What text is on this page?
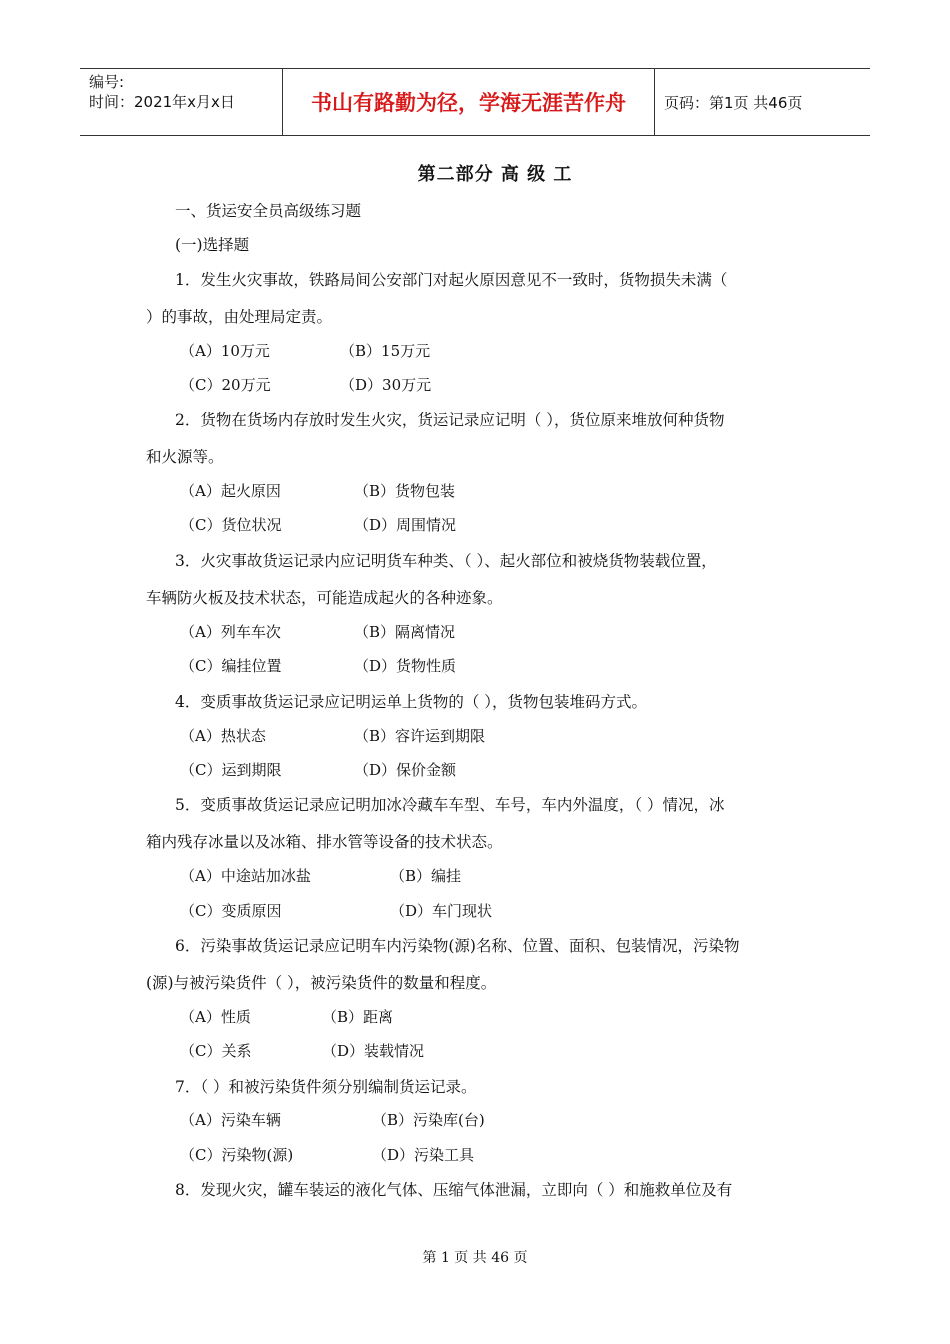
编号:
时间：2021年x月x日	书山有路勤为径，学海无涯苦作舟	页码：第1页 共46页
第二部分 高 级 工
一、货运安全员高级练习题
(一)选择题
1．发生火灾事故，铁路局间公安部门对起火原因意见不一致时，货物损失未满（
）的事故，由处理局定责。
（A）10万元	（B）15万元
（C）20万元	（D）30万元
2．货物在货场内存放时发生火灾，货运记录应记明（ ），货位原来堆放何种货物
和火源等。
（A）起火原因	（B）货物包装
（C）货位状况	（D）周围情况
3．火灾事故货运记录内应记明货车种类、（ ）、起火部位和被烧货物装载位置，
车辆防火板及技术状态，可能造成起火的各种迹象。
（A）列车车次	（B）隔离情况
（C）编挂位置	（D）货物性质
4．变质事故货运记录应记明运单上货物的（ ），货物包装堆码方式。
（A）热状态	（B）容许运到期限
（C）运到期限	（D）保价金额
5．变质事故货运记录应记明加冰冷藏车车型、车号，车内外温度，（ ）情况，冰
箱内残存冰量以及冰箱、排水管等设备的技术状态。
（A）中途站加冰盐	（B）编挂
（C）变质原因	（D）车门现状
6．污染事故货运记录应记明车内污染物(源)名称、位置、面积、包装情况，污染物
(源)与被污染货件（ ），被污染货件的数量和程度。
（A）性质	（B）距离
（C）关系	（D）装载情况
7．（ ）和被污染货件须分别编制货运记录。
（A）污染车辆	（B）污染库(台)
（C）污染物(源)	（D）污染工具
8．发现火灾，罐车装运的液化气体、压缩气体泄漏，立即向（ ）和施救单位及有
第 1 页 共 46 页
